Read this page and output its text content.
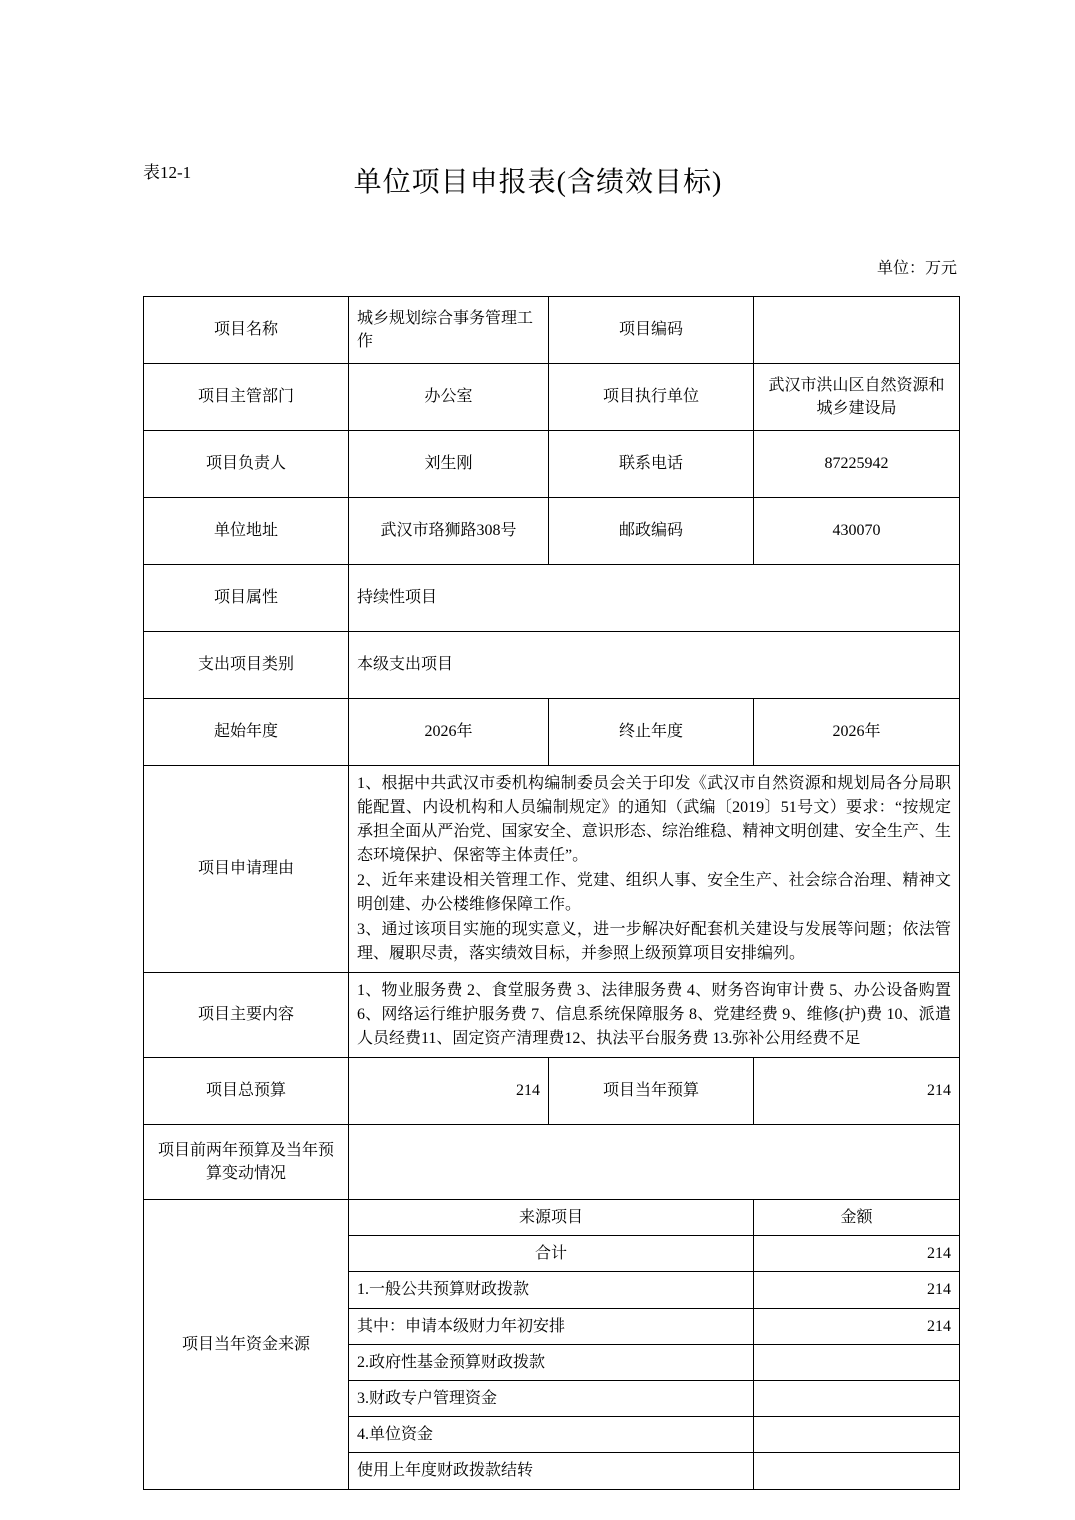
表12-1	单位项目申报表(含绩效目标)
单位：万元
项目名称	城乡规划综合事务管理工作	项目编码	
项目主管部门	办公室	项目执行单位	武汉市洪山区自然资源和城乡建设局
项目负责人	刘生刚	联系电话	87225942
单位地址	武汉市珞狮路308号	邮政编码	430070
项目属性	持续性项目		
支出项目类别	本级支出项目		
起始年度	2026年	终止年度	2026年
项目申请理由	1、根据中共武汉市委机构编制委员会关于印发《武汉市自然资源和规划局各分局职能配置、内设机构和人员编制规定》的通知（武编〔2019〕51号文）要求：“按规定承担全面从严治党、国家安全、意识形态、综治维稳、精神文明创建、安全生产、生态环境保护、保密等主体责任”。

2、近年来建设相关管理工作、党建、组织人事、安全生产、社会综合治理、精神文明创建、办公楼维修保障工作。

3、通过该项目实施的现实意义，进一步解决好配套机关建设与发展等问题；依法管理、履职尽责，落实绩效目标，并参照上级预算项目安排编列。		

项目主要内容	1、物业服务费 2、食堂服务费 3、法律服务费 4、财务咨询审计费 5、办公设备购置6、网络运行维护服务费 7、信息系统保障服务 8、党建经费 9、维修(护)费 10、派遣人员经费11、固定资产清理费12、执法平台服务费 13.弥补公用经费不足		

项目总预算	214	项目当年预算	214
项目前两年预算及当年预算变动情况			
项目当年资金来源	来源项目		金额
	合计		214
	1.一般公共预算财政拨款		214
	其中：申请本级财力年初安排		214
	2.政府性基金预算财政拨款		
	3.财政专户管理资金		
	4.单位资金		
	使用上年度财政拨款结转		
